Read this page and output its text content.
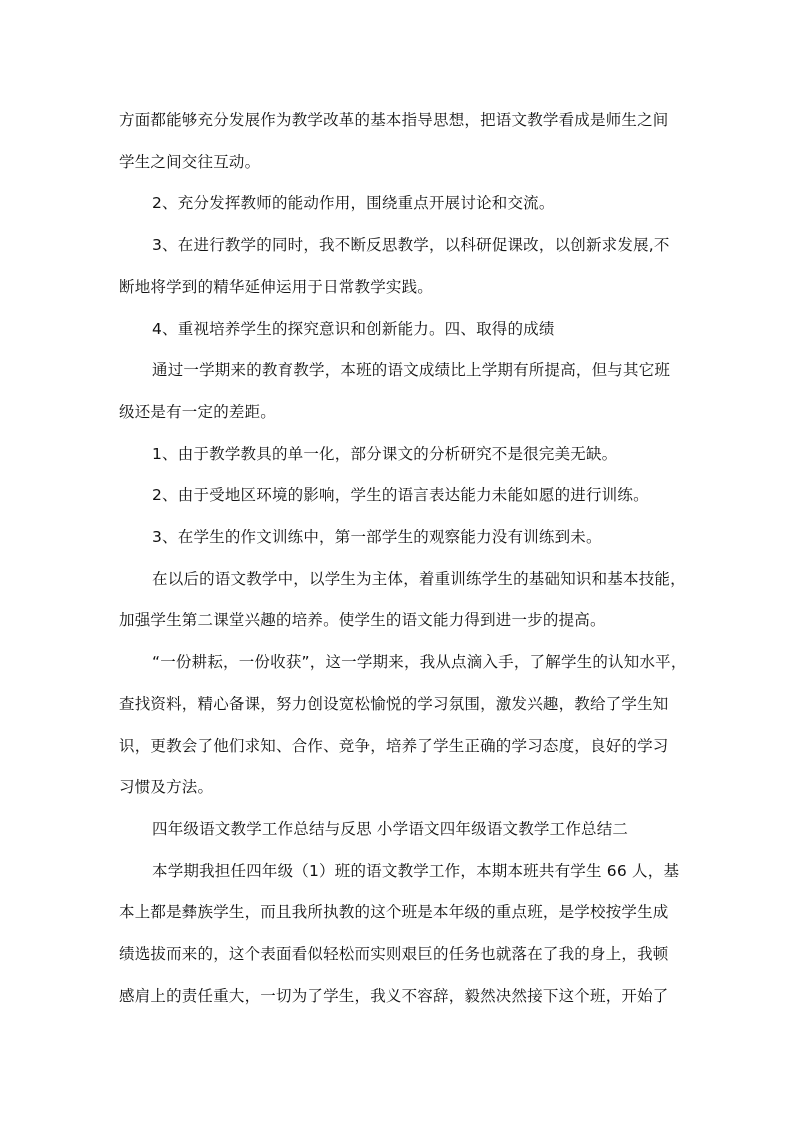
方面都能够充分发展作为教学改革的基本指导思想，把语文教学看成是师生之间

学生之间交往互动。

2、充分发挥教师的能动作用，围绕重点开展讨论和交流。

3、在进行教学的同时，我不断反思教学，以科研促课改，以创新求发展,不

断地将学到的精华延伸运用于日常教学实践。

4、重视培养学生的探究意识和创新能力。四、取得的成绩

通过一学期来的教育教学，本班的语文成绩比上学期有所提高，但与其它班

级还是有一定的差距。

1、由于教学教具的单一化，部分课文的分析研究不是很完美无缺。

2、由于受地区环境的影响，学生的语言表达能力未能如愿的进行训练。

3、在学生的作文训练中，第一部学生的观察能力没有训练到未。

在以后的语文教学中，以学生为主体，着重训练学生的基础知识和基本技能，

加强学生第二课堂兴趣的培养。使学生的语文能力得到进一步的提高。

“一份耕耘，一份收获”，这一学期来，我从点滴入手，了解学生的认知水平，

查找资料，精心备课，努力创设宽松愉悦的学习氛围，激发兴趣，教给了学生知

识，更教会了他们求知、合作、竞争，培养了学生正确的学习态度，良好的学习

习惯及方法。

四年级语文教学工作总结与反思 小学语文四年级语文教学工作总结二

本学期我担任四年级（1）班的语文教学工作，本期本班共有学生 66 人，基

本上都是彝族学生，而且我所执教的这个班是本年级的重点班，是学校按学生成

绩选拔而来的，这个表面看似轻松而实则艰巨的任务也就落在了我的身上，我顿

感肩上的责任重大，一切为了学生，我义不容辞，毅然决然接下这个班，开始了
